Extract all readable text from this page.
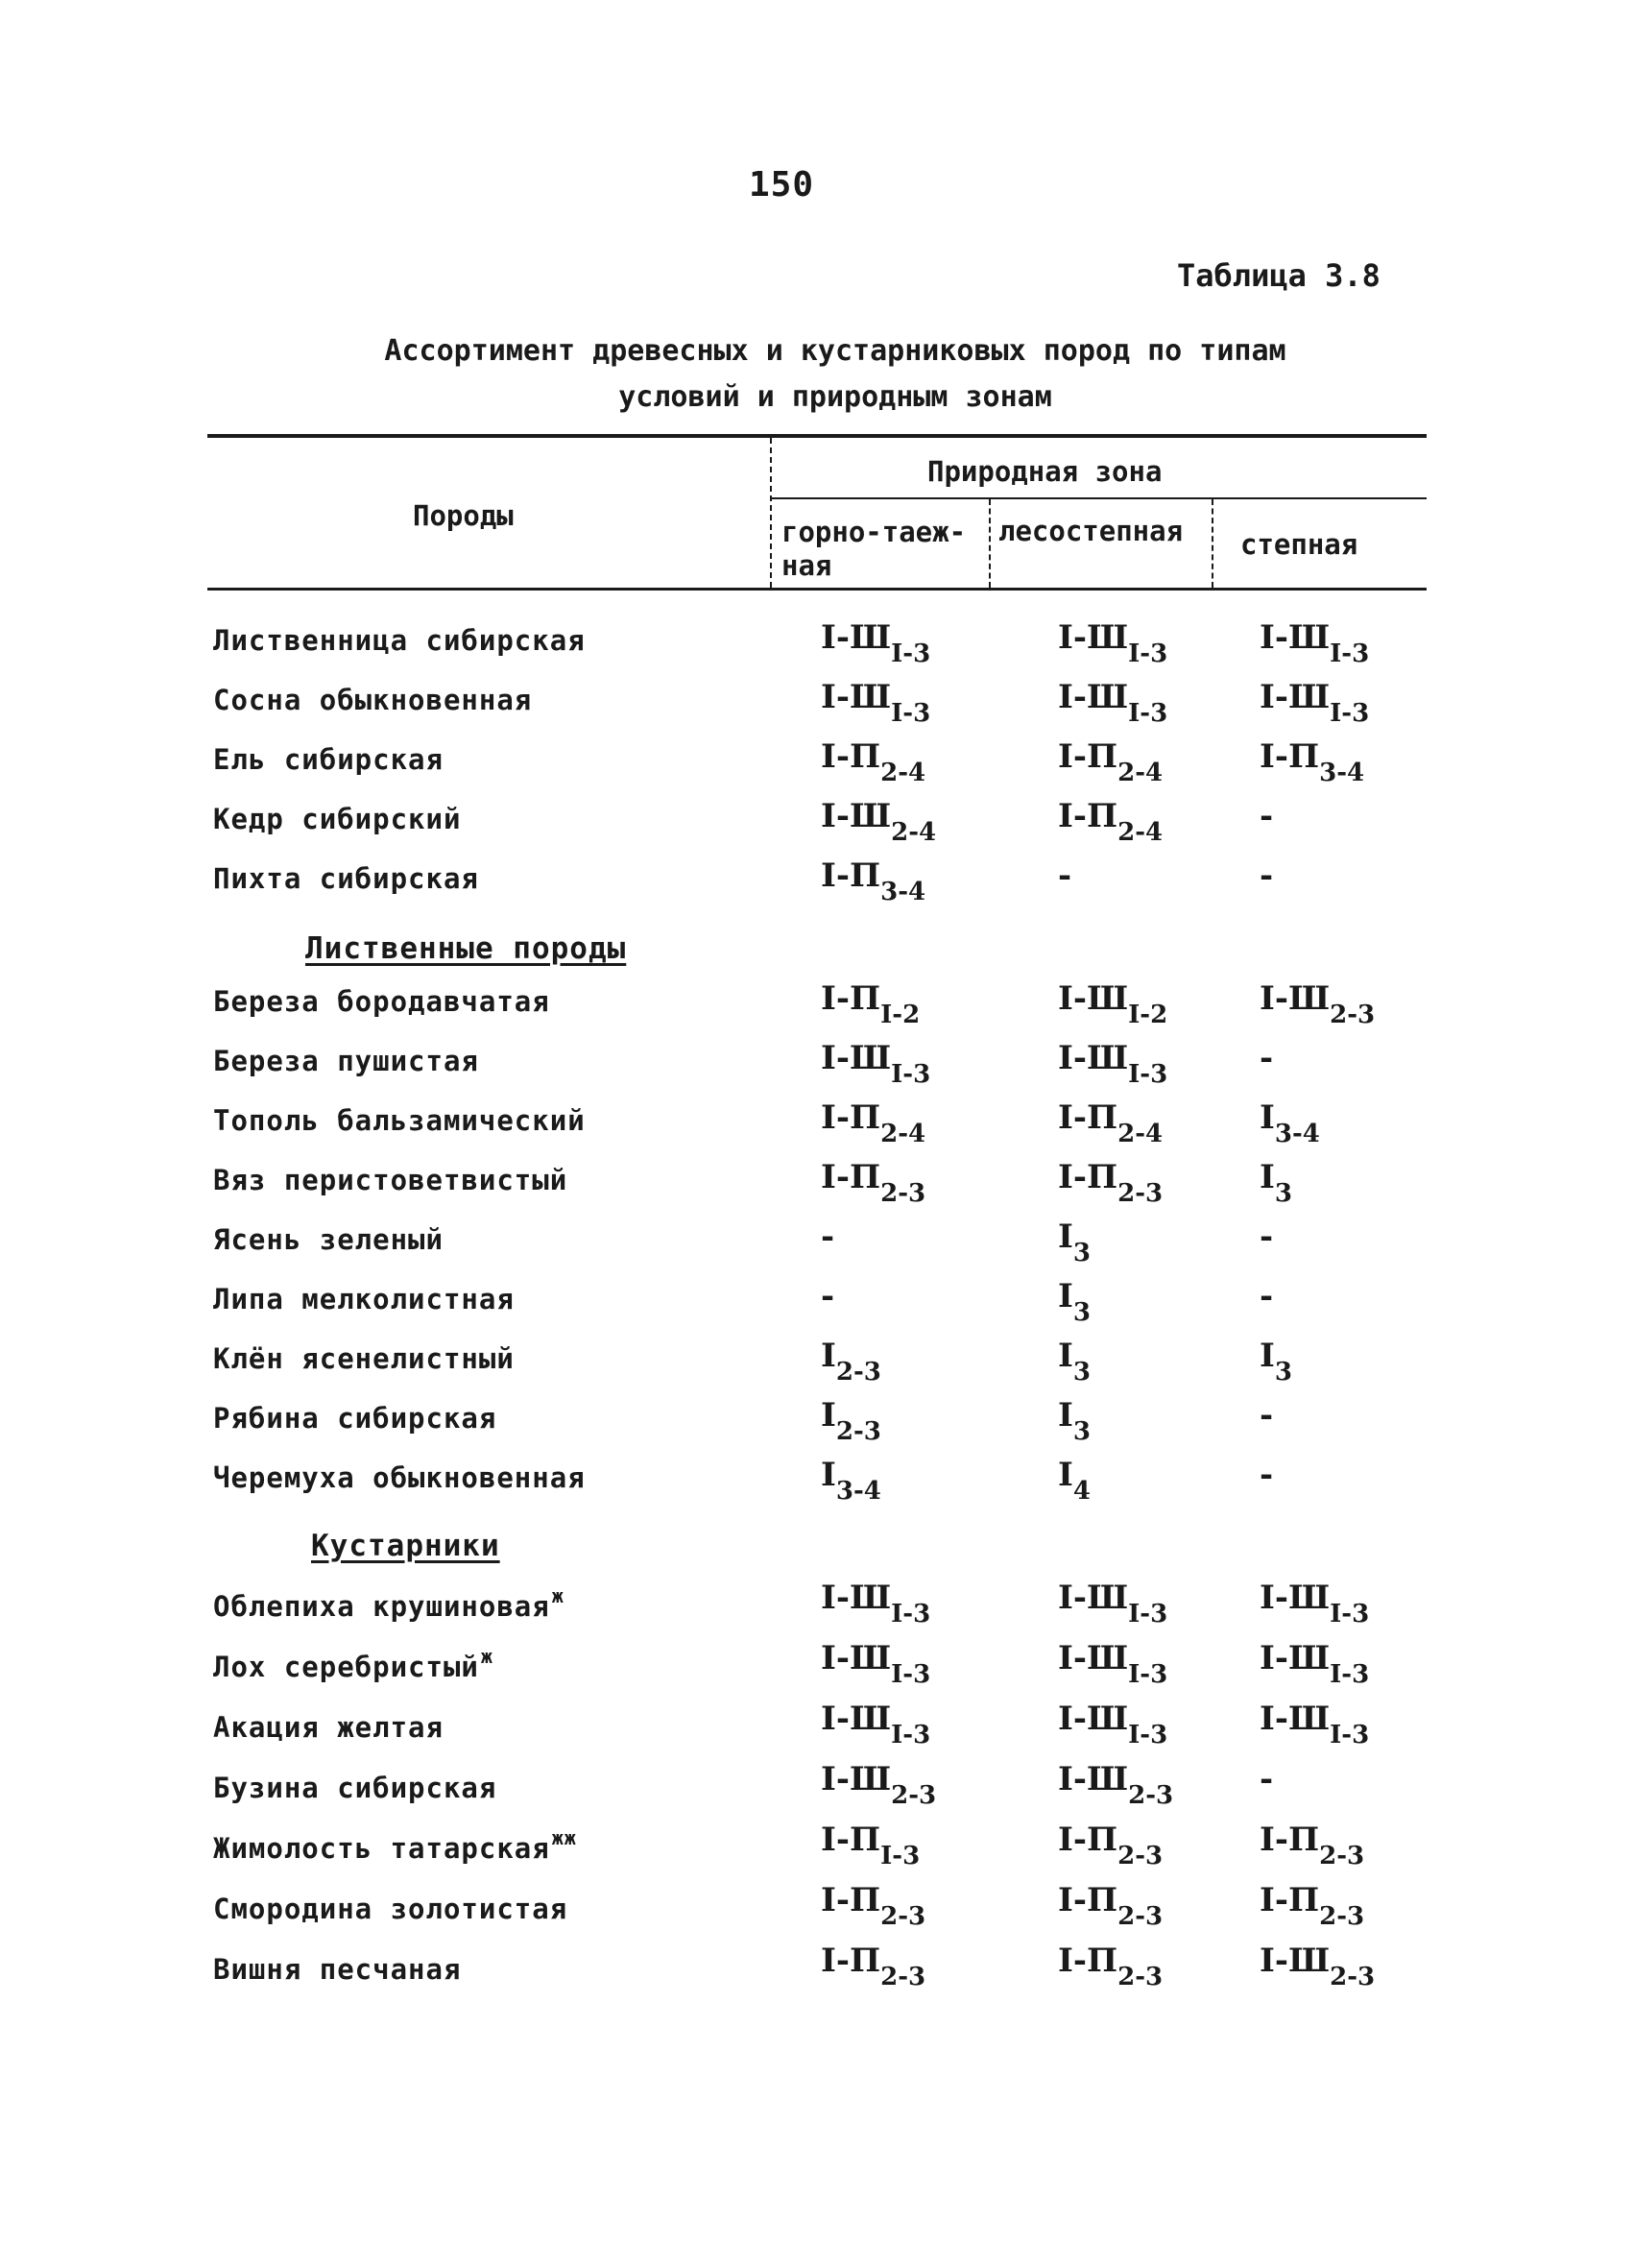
150
Таблица 3.8
Ассортимент древесных и кустарниковых пород по типам
условий и природным зонам
Природная зона
Породы	горно-таеж-
ная
лесостепная степная
Лиственница сибирская	$I-Ш_{I-3}$	$I-Ш_{I-3}$	$I-Ш_{I-3}$
Сосна обыкновенная	$I-Ш_{I-3}$	$I-Ш_{I-3}$	$I-Ш_{I-3}$
Ель сибирская	$I-П_{2-4}$	$I-П_{2-4}$	$I-П_{3-4}$
Кедр сибирский	$I-Ш_{2-4}$	$I-П_{2-4}$	-
Пихта сибирская	$I-П_{3-4}$	-	-
Лиственные породы
Береза бородавчатая	$I-П_{I-2}$	$I-Ш_{I-2}$	$I-Ш_{2-3}$
Береза пушистая	$I-Ш_{I-3}$	$I-Ш_{I-3}$	-
Тополь бальзамический	$I-П_{2-4}$	$I-П_{2-4}$	$I_{3-4}$
Вяз перистоветвистый	$I-П_{2-3}$	$I-П_{2-3}$	$I_3$
Ясень зеленый	-	$I_3$	-
Липа мелколистная	-	$I_3$	-
Клён ясенелистный	$I_{2-3}$	$I_3$	$I_3$
Рябина сибирская	$I_{2-3}$	$I_3$	-
Черемуха обыкновенная	$I_{3-4}$	$I_4$	-
Кустарники
Облепиха крушиновая $^ж$	$I-Ш_{I-3}$	$I-Ш_{I-3}$	$I-Ш_{I-3}$
Лох серебристый $^ж$	$I-Ш_{I-3}$	$I-Ш_{I-3}$	$I-Ш_{I-3}$
Акация желтая	$I-Ш_{I-3}$	$I-Ш_{I-3}$	$I-Ш_{I-3}$
Бузина сибирская	$I-Ш_{2-3}$	$I-Ш_{2-3}$	-
Жимолость татарская $^{жж}$	$I-П_{I-3}$	$I-П_{2-3}$	$I-П_{2-3}$
Смородина золотистая	$I-П_{2-3}$	$I-П_{2-3}$	$I-П_{2-3}$
Вишня песчаная	$I-П_{2-3}$	$I-П_{2-3}$	$I-Ш_{2-3}$
